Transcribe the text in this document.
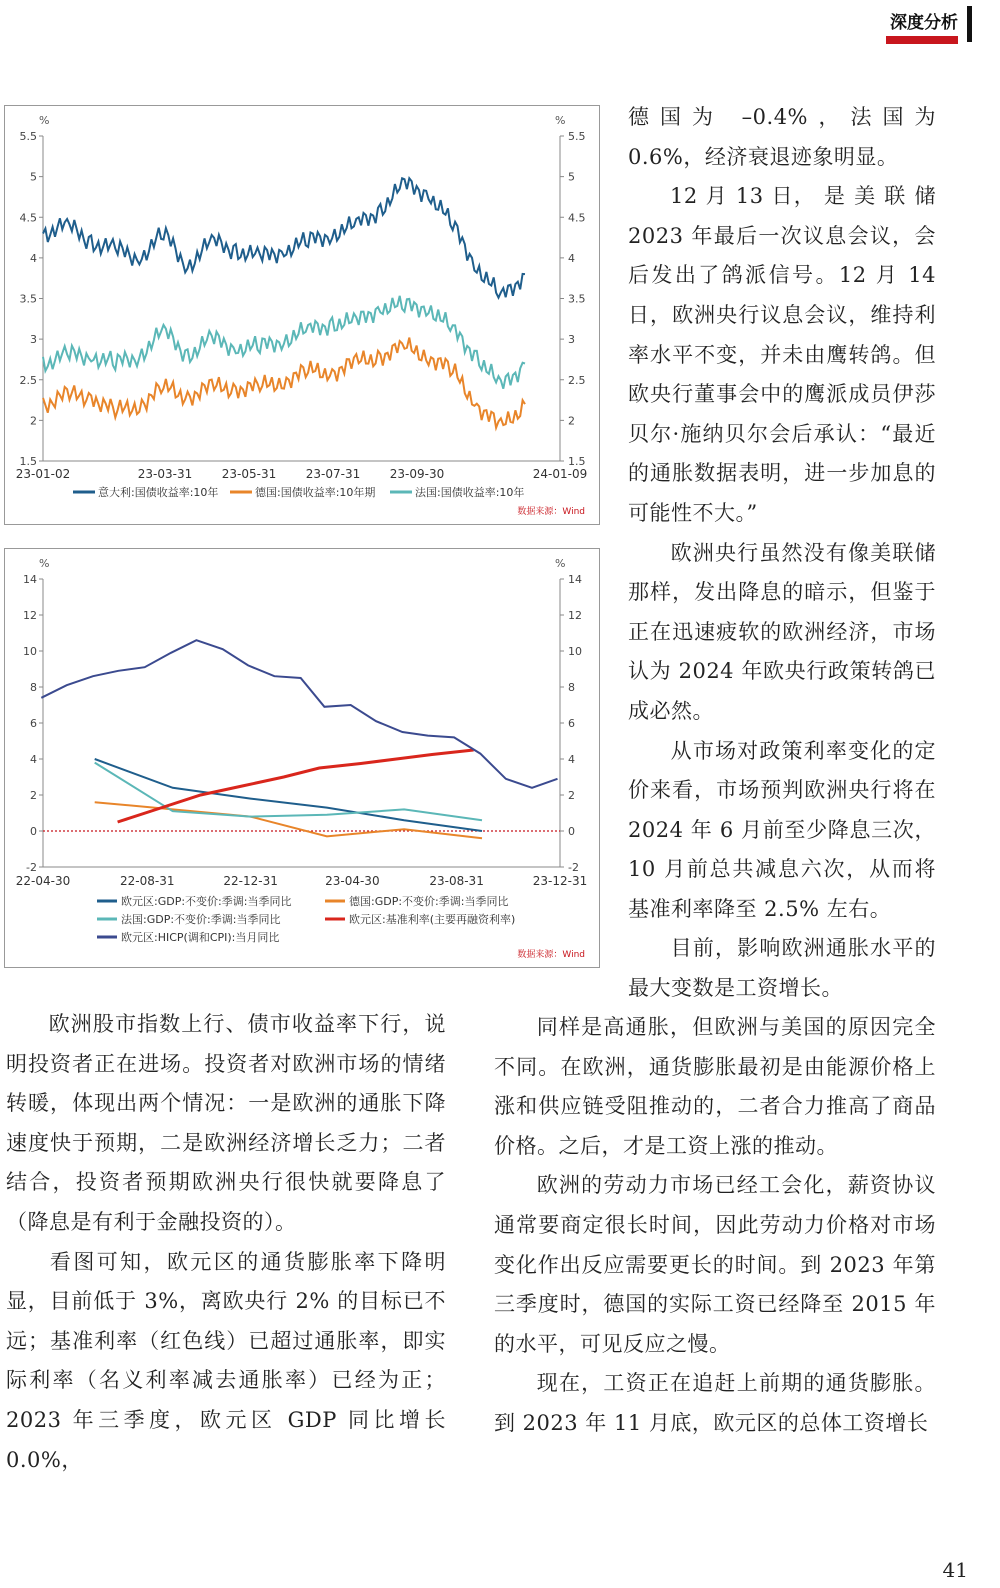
深度分析
%	%
1.5	1.5
2	2
2.5	2.5
3	3
3.5	3.5
4	4
4.5	4.5
5	5
5.5	5.5
23-01-02	23-03-31 23-05-31 23-07-31 23-09-30	24-01-09
意大利:国债收益率:10年	德国:国债收益率:10年期	法国:国债收益率:10年
数据来源：Wind
%	%
-2	-2
0	0
2	2
4	4
6	6
8	8
10	10
12	12
14	14
22-04-30	22-08-31	22-12-31	23-04-30	23-08-31	23-12-31
欧元区:GDP:不变价:季调:当季同比	德国:GDP:不变价:季调:当季同比
法国:GDP:不变价:季调:当季同比	欧元区:基准利率(主要再融资利率)
欧元区:HICP(调和CPI):当月同比
数据来源：Wind
德国为 –0.4%，法国为 0.6%，经济衰退迹象明显。
12 月 13 日， 是 美 联 储 2023 年最后一次议息会议，会后发出了鸽派信号。12 月 14 日，欧洲央行议息会议，维持利率水平不变，并未由鹰转鸽。但欧央行董事会中的鹰派成员伊莎贝尔·施纳贝尔会后承认：“最近的通胀数据表明，进一步加息的可能性不大。”
欧洲央行虽然没有像美联储那样，发出降息的暗示，但鉴于正在迅速疲软的欧洲经济，市场认为 2024 年欧央行政策转鸽已成必然。
从市场对政策利率变化的定价来看，市场预判欧洲央行将在 2024 年 6 月前至少降息三次，10 月前总共减息六次，从而将基准利率降至 2.5% 左右。
目前，影响欧洲通胀水平的最大变数是工资增长。
同样是高通胀，但欧洲与美国的原因完全不同。在欧洲，通货膨胀最初是由能源价格上涨和供应链受阻推动的，二者合力推高了商品价格。之后，才是工资上涨的推动。
欧洲的劳动力市场已经工会化，薪资协议通常要商定很长时间，因此劳动力价格对市场变化作出反应需要更长的时间。到 2023 年第三季度时，德国的实际工资已经降至 2015 年的水平，可见反应之慢。
现在，工资正在追赶上前期的通货膨胀。到 2023 年 11 月底，欧元区的总体工资增长
欧洲股市指数上行、债市收益率下行，说明投资者正在进场。投资者对欧洲市场的情绪转暖，体现出两个情况：一是欧洲的通胀下降速度快于预期，二是欧洲经济增长乏力；二者结合，投资者预期欧洲央行很快就要降息了（降息是有利于金融投资的）。
看图可知，欧元区的通货膨胀率下降明显，目前低于 3%，离欧央行 2% 的目标已不远；基准利率（红色线）已超过通胀率，即实际利率（名义利率减去通胀率）已经为正；2023 年三季度，欧元区 GDP 同比增长 0.0%，
41
